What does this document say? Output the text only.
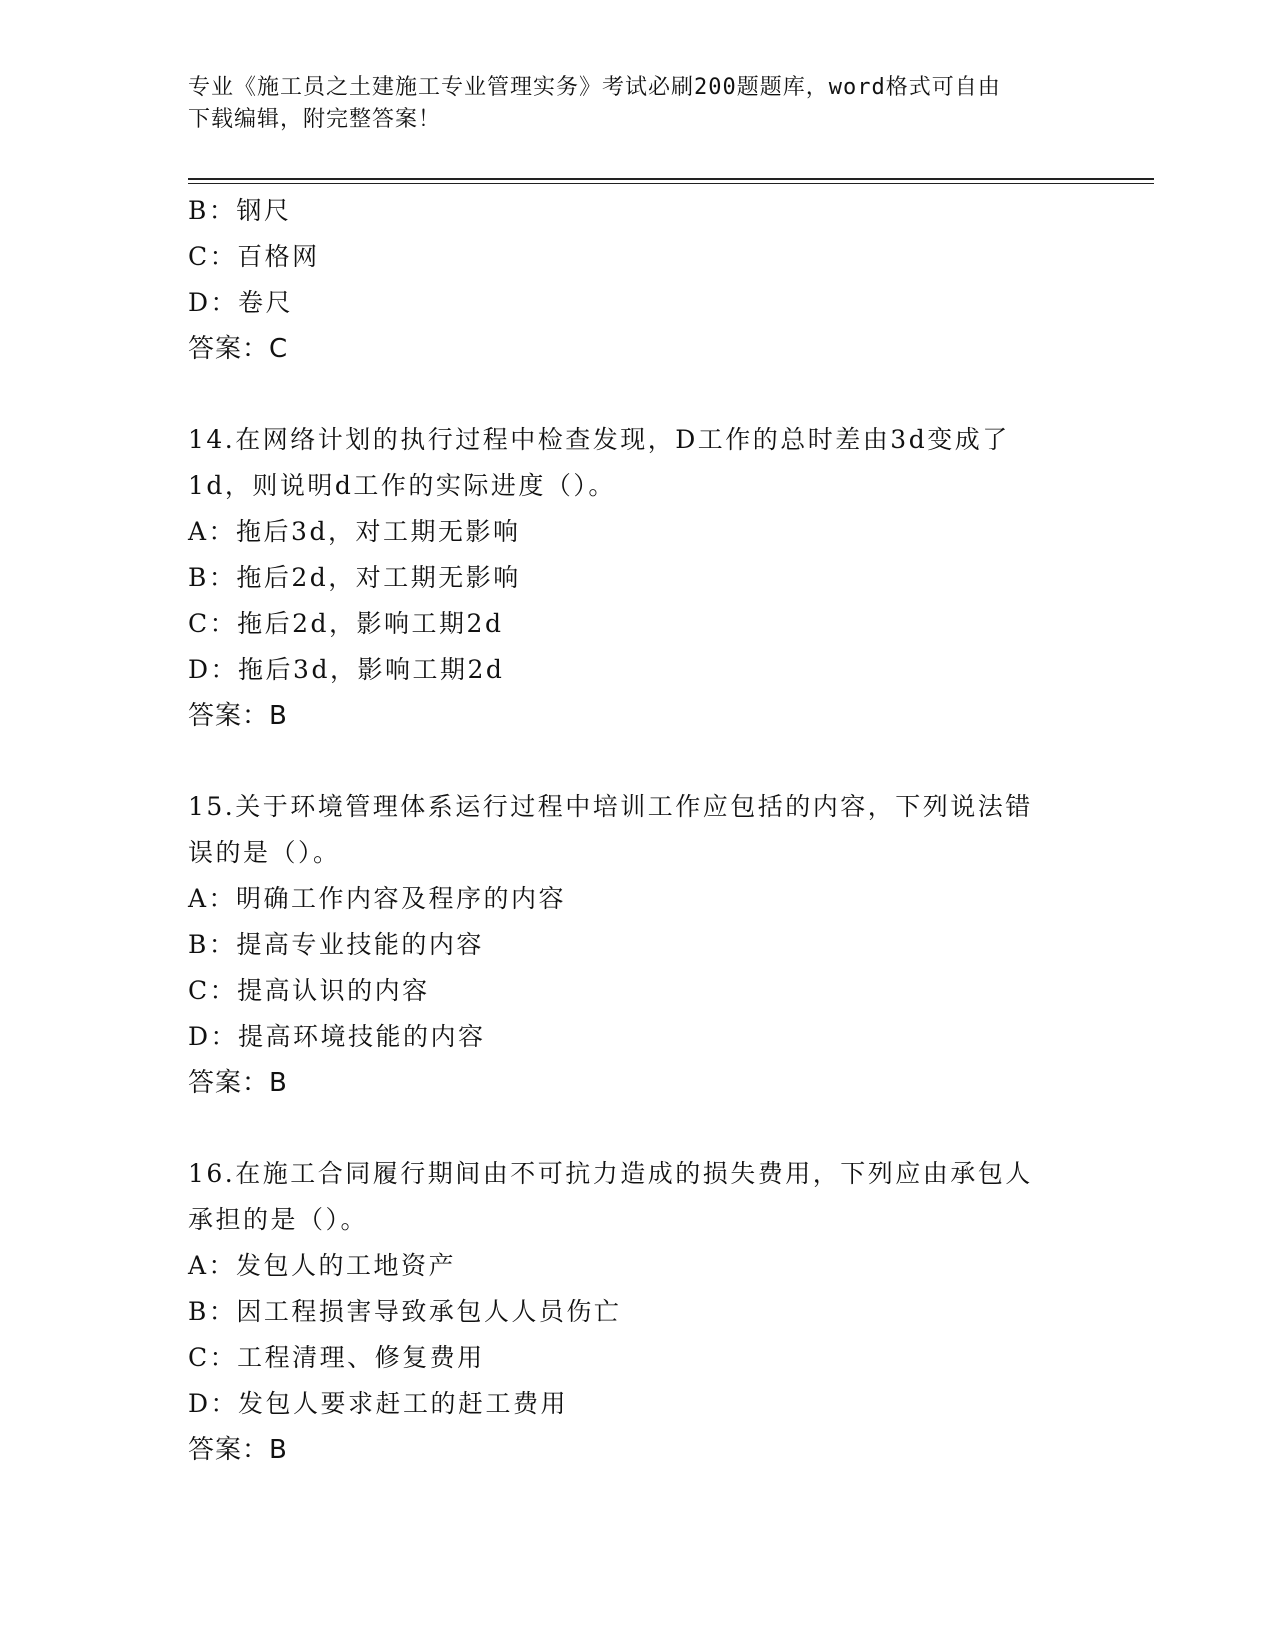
专业《施工员之土建施工专业管理实务》考试必刷200题题库，word格式可自由
下载编辑，附完整答案！
B：钢尺
C：百格网
D：卷尺
答案：C
14.在网络计划的执行过程中检查发现，D工作的总时差由3d变成了
1d，则说明d工作的实际进度（）。
A：拖后3d，对工期无影响
B：拖后2d，对工期无影响
C：拖后2d，影响工期2d
D：拖后3d，影响工期2d
答案：B
15.关于环境管理体系运行过程中培训工作应包括的内容，下列说法错
误的是（）。
A：明确工作内容及程序的内容
B：提高专业技能的内容
C：提高认识的内容
D：提高环境技能的内容
答案：B
16.在施工合同履行期间由不可抗力造成的损失费用，下列应由承包人
承担的是（）。
A：发包人的工地资产
B：因工程损害导致承包人人员伤亡
C：工程清理、修复费用
D：发包人要求赶工的赶工费用
答案：B
